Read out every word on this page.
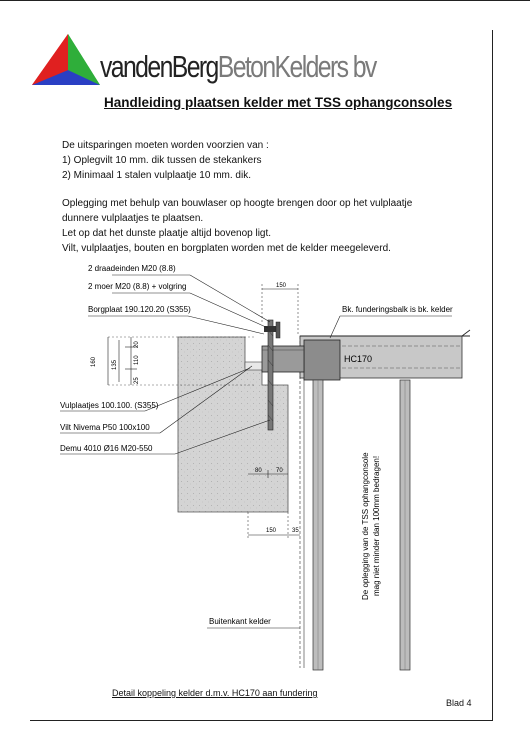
vandenBergBetonKelders bv
Handleiding plaatsen kelder met TSS ophangconsoles
De uitsparingen moeten worden voorzien van :
1) Oplegvilt 10 mm. dik tussen de stekankers
2) Minimaal 1 stalen vulplaatje 10 mm. dik.
Oplegging met behulp van bouwlaser op hoogte brengen door op het vulplaatje
dunnere vulplaatjes te plaatsen.
Let op dat het dunste plaatje altijd bovenop ligt.
Vilt, vulplaatjes, bouten en borgplaten worden met de kelder meegeleverd.
2 draadeinden M20 (8.8)
2 moer M20 (8.8) + volgring
Borgplaat 190.120.20 (S355)	Bk. funderingsbalk is bk. kelder
HC170
Vulplaatjes 100.100. (S355)
Vilt Nivema P50 100x100
Demu 4010 Ø16 M20-550
Buitenkant kelder
De oplegging van de TSS ophangconsole mag niet minder dan 100mm bedragen!
150
160	135
20
110
25
80 70
150	35
Detail koppeling kelder d.m.v. HC170 aan fundering
Blad 4
